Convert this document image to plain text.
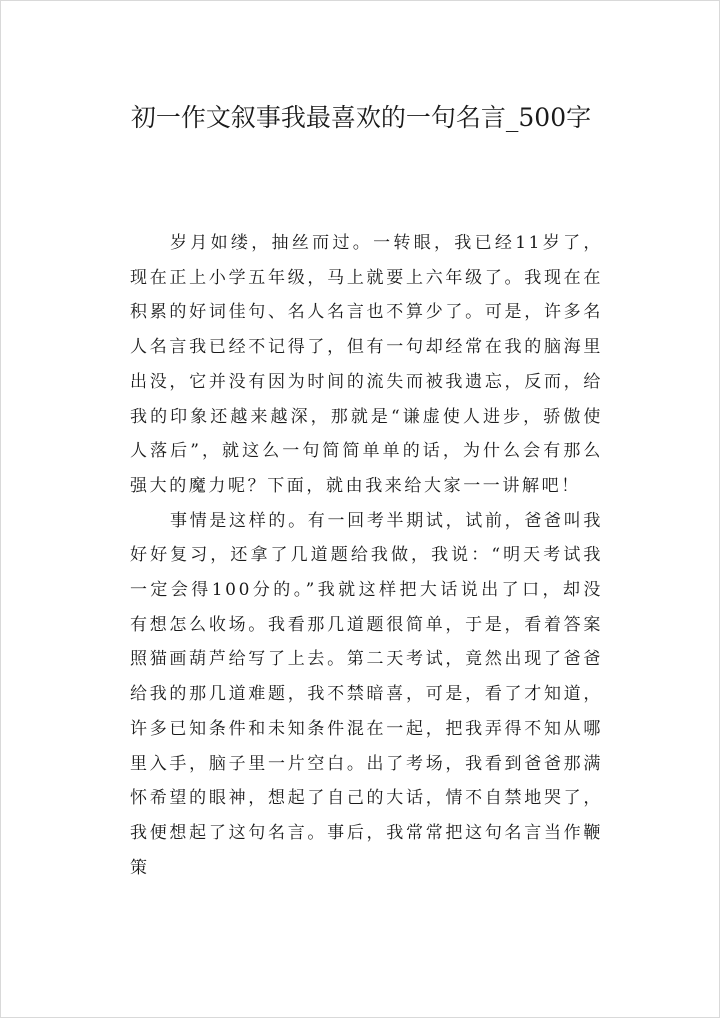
初一作文叙事我最喜欢的一句名言_500字

岁月如缕，抽丝而过。一转眼，我已经11岁了，现在正上小学五年级，马上就要上六年级了。我现在在积累的好词佳句、名人名言也不算少了。可是，许多名人名言我已经不记得了，但有一句却经常在我的脑海里出没，它并没有因为时间的流失而被我遗忘，反而，给我的印象还越来越深，那就是“谦虚使人进步，骄傲使人落后”，就这么一句简简单单的话，为什么会有那么强大的魔力呢？下面，就由我来给大家一一讲解吧！

事情是这样的。有一回考半期试，试前，爸爸叫我好好复习，还拿了几道题给我做，我说：“明天考试我一定会得100分的。”我就这样把大话说出了口，却没有想怎么收场。我看那几道题很简单，于是，看着答案照猫画葫芦给写了上去。第二天考试，竟然出现了爸爸给我的那几道难题，我不禁暗喜，可是，看了才知道，许多已知条件和未知条件混在一起，把我弄得不知从哪里入手，脑子里一片空白。出了考场，我看到爸爸那满怀希望的眼神，想起了自己的大话，情不自禁地哭了，我便想起了这句名言。事后，我常常把这句名言当作鞭策
